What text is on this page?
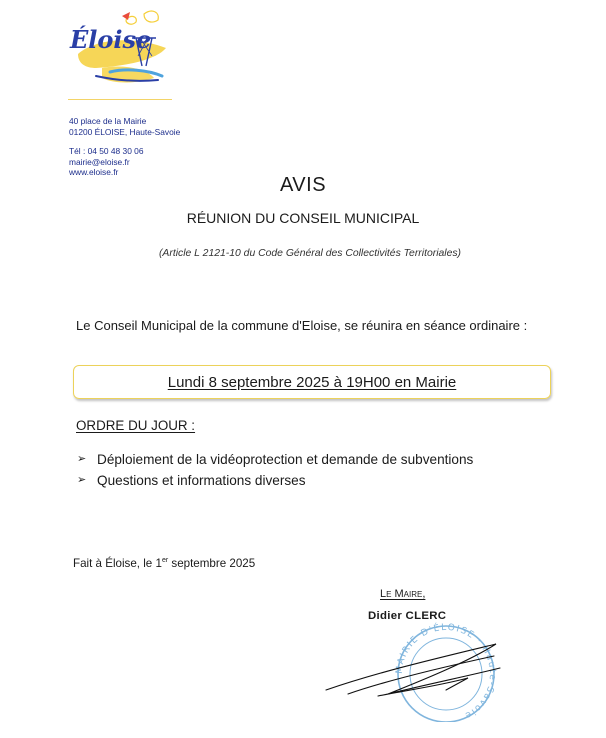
Éloise
40 place de la Mairie
01200 ÉLOISE, Haute-Savoie
Tél : 04 50 48 30 06
mairie@eloise.fr
www.eloise.fr
AVIS
RÉUNION DU CONSEIL MUNICIPAL
(Article L 2121-10 du Code Général des Collectivités Territoriales)
Le Conseil Municipal de la commune d'Eloise, se réunira en séance ordinaire :
Lundi 8 septembre 2025 à 19H00 en Mairie
ORDRE DU JOUR :
➢ Déploiement de la vidéoprotection et demande de subventions
➢ Questions et informations diverses
Fait à Éloise, le 1er septembre 2025
Le Maire,
Didier CLERC
MAIRIE D'ÉLOISE · Haute-Savoie
